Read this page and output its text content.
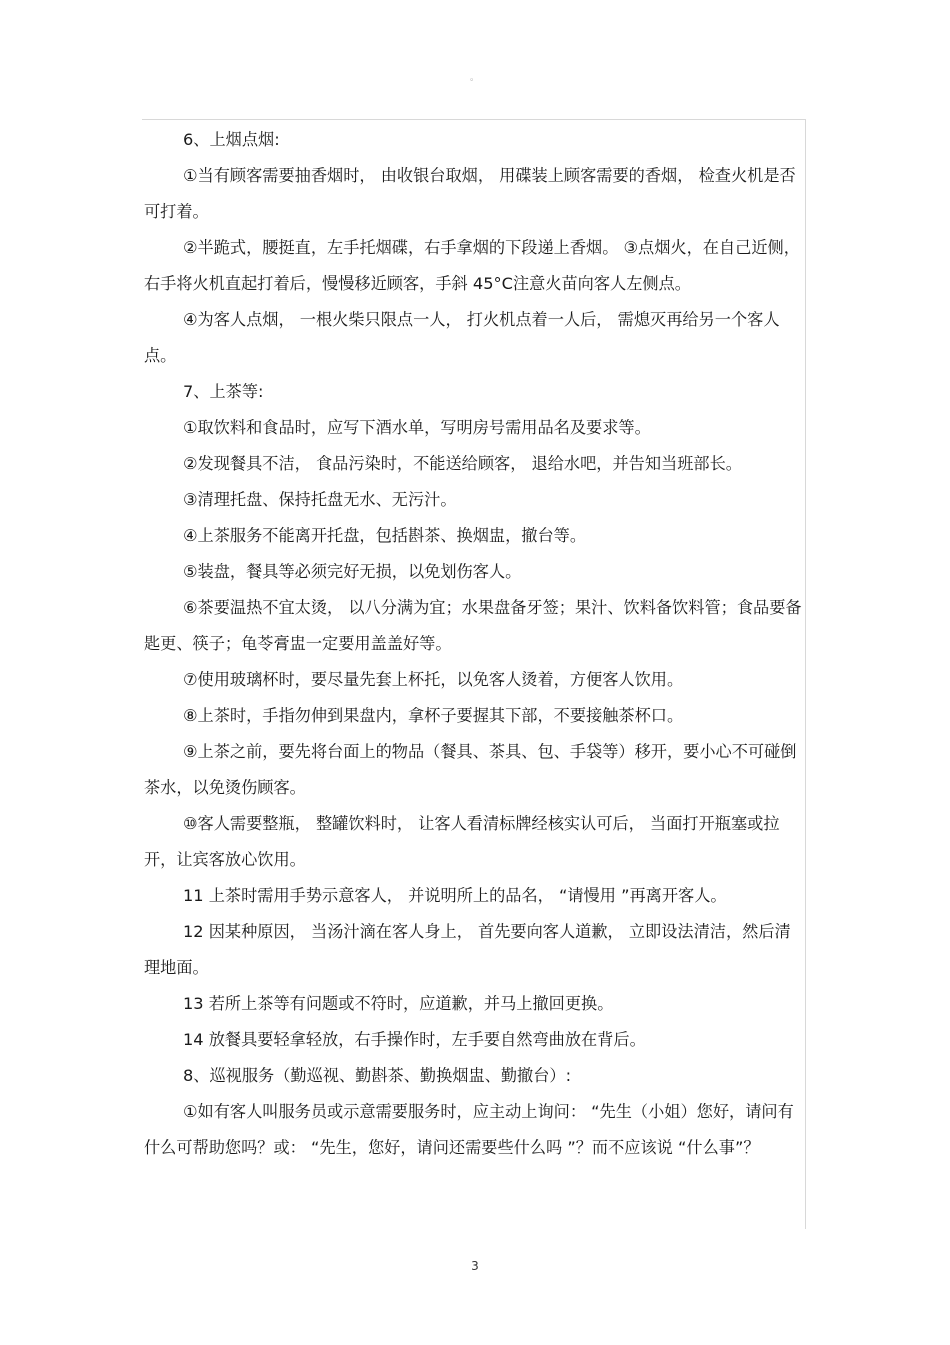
。

6、上烟点烟:

①当有顾客需要抽香烟时， 由收银台取烟， 用碟装上顾客需要的香烟， 检查火机是否可打着。

②半跪式，腰挺直，左手托烟碟，右手拿烟的下段递上香烟。 ③点烟火，在自己近侧，右手将火机直起打着后，慢慢移近顾客，手斜 45°C注意火苗向客人左侧点。

④为客人点烟， 一根火柴只限点一人， 打火机点着一人后， 需熄灭再给另一个客人点。

7、上茶等:

①取饮料和食品时，应写下酒水单，写明房号需用品名及要求等。

②发现餐具不洁， 食品污染时，不能送给顾客， 退给水吧，并告知当班部长。

③清理托盘、保持托盘无水、无污汁。

④上茶服务不能离开托盘，包括斟茶、换烟盅，撤台等。

⑤装盘，餐具等必须完好无损，以免划伤客人。

⑥茶要温热不宜太烫， 以八分满为宜；水果盘备牙签；果汁、饮料备饮料管；食品要备匙更、筷子；龟苓膏盅一定要用盖盖好等。

⑦使用玻璃杯时，要尽量先套上杯托，以免客人烫着，方便客人饮用。

⑧上茶时，手指勿伸到果盘内，拿杯子要握其下部，不要接触茶杯口。

⑨上茶之前，要先将台面上的物品（餐具、茶具、包、手袋等）移开，要小心不可碰倒茶水，以免烫伤顾客。

⑩客人需要整瓶， 整罐饮料时， 让客人看清标牌经核实认可后， 当面打开瓶塞或拉开，让宾客放心饮用。

11 上茶时需用手势示意客人， 并说明所上的品名， “请慢用 ”再离开客人。

12 因某种原因， 当汤汁滴在客人身上， 首先要向客人道歉， 立即设法清洁，然后清理地面。

13 若所上茶等有问题或不符时，应道歉，并马上撤回更换。

14 放餐具要轻拿轻放，右手操作时，左手要自然弯曲放在背后。

8、巡视服务（勤巡视、勤斟茶、勤换烟盅、勤撤台）:

①如有客人叫服务员或示意需要服务时，应主动上询问： “先生（小姐）您好，请问有什么可帮助您吗？或： “先生，您好，请问还需要些什么吗 ”？而不应该说 “什么事”？

3
